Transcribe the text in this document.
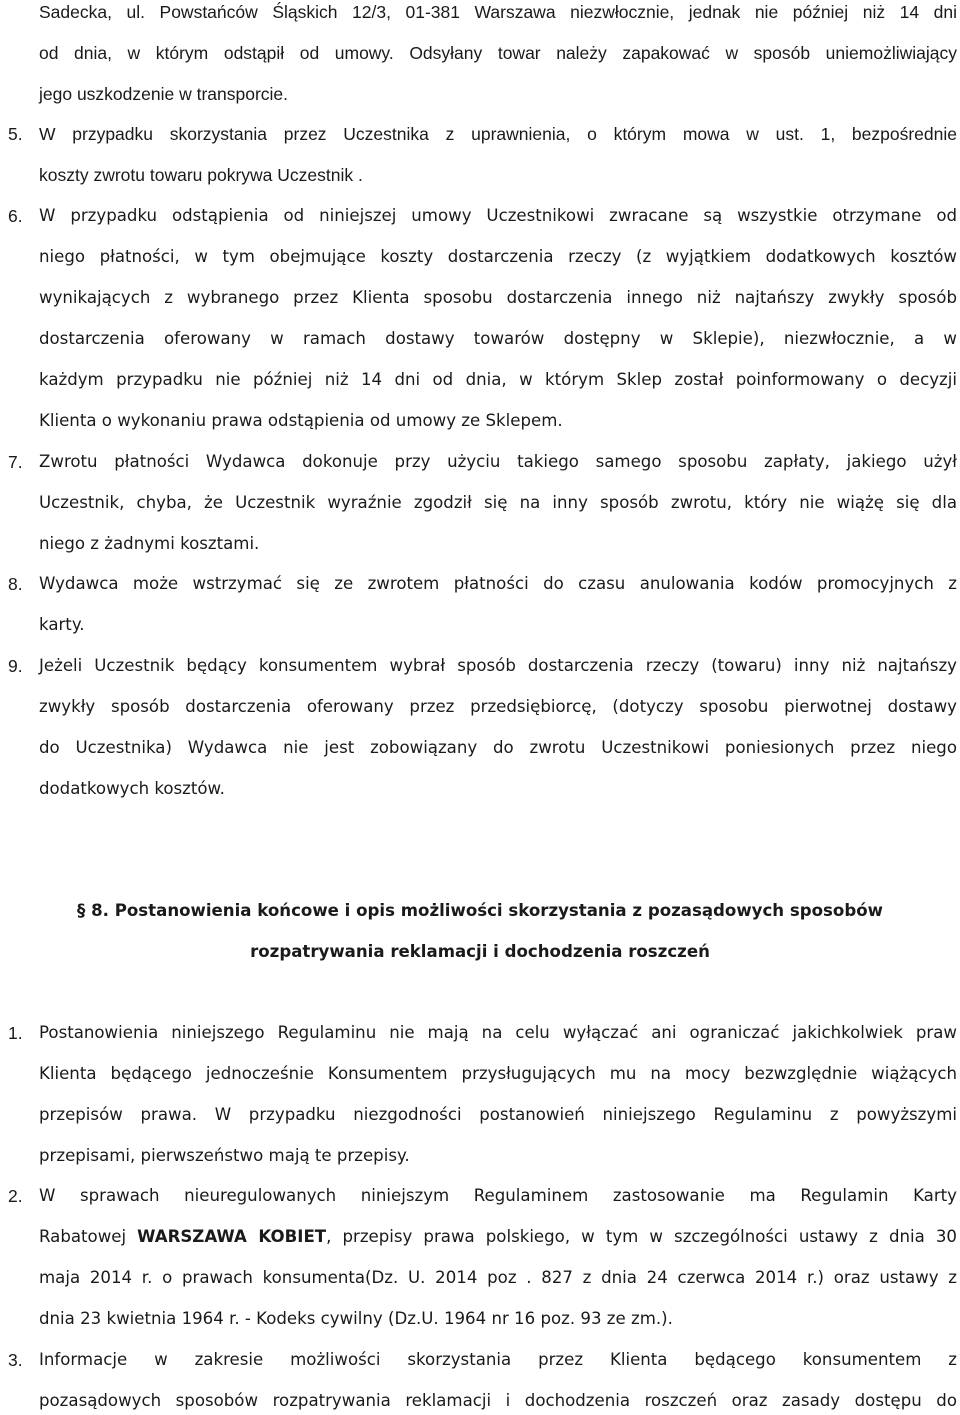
Sadecka, ul. Powstańców Śląskich 12/3, 01-381 Warszawa niezwłocznie, jednak nie później niż 14 dni

od dnia, w którym odstąpił od umowy. Odsyłany towar należy zapakować w sposób uniemożliwiający

jego uszkodzenie w transporcie.

5. W przypadku skorzystania przez Uczestnika z uprawnienia, o którym mowa w ust. 1, bezpośrednie

koszty zwrotu towaru pokrywa Uczestnik .

6. W przypadku odstąpienia od niniejszej umowy Uczestnikowi zwracane są wszystkie otrzymane od

niego płatności, w tym obejmujące koszty dostarczenia rzeczy (z wyjątkiem dodatkowych kosztów

wynikających z wybranego przez Klienta sposobu dostarczenia innego niż najtańszy zwykły sposób

dostarczenia oferowany w ramach dostawy towarów dostępny w Sklepie), niezwłocznie, a w

każdym przypadku nie później niż 14 dni od dnia, w którym Sklep został poinformowany o decyzji

Klienta o wykonaniu prawa odstąpienia od umowy ze Sklepem.

7. Zwrotu płatności Wydawca dokonuje przy użyciu takiego samego sposobu zapłaty, jakiego użył

Uczestnik, chyba, że Uczestnik wyraźnie zgodził się na inny sposób zwrotu, który nie wiążę się dla

niego z żadnymi kosztami.

8. Wydawca może wstrzymać się ze zwrotem płatności do czasu anulowania kodów promocyjnych z

karty.

9. Jeżeli Uczestnik będący konsumentem wybrał sposób dostarczenia rzeczy (towaru) inny niż najtańszy

zwykły sposób dostarczenia oferowany przez przedsiębiorcę, (dotyczy sposobu pierwotnej dostawy

do Uczestnika) Wydawca nie jest zobowiązany do zwrotu Uczestnikowi poniesionych przez niego

dodatkowych kosztów.

§ 8. Postanowienia końcowe i opis możliwości skorzystania z pozasądowych sposobów
rozpatrywania reklamacji i dochodzenia roszczeń
1. Postanowienia niniejszego Regulaminu nie mają na celu wyłączać ani ograniczać jakichkolwiek praw

Klienta będącego jednocześnie Konsumentem przysługujących mu na mocy bezwzględnie wiążących

przepisów prawa. W przypadku niezgodności postanowień niniejszego Regulaminu z powyższymi

przepisami, pierwszeństwo mają te przepisy.

2. W sprawach nieuregulowanych niniejszym Regulaminem zastosowanie ma Regulamin Karty

Rabatowej WARSZAWA KOBIET, przepisy prawa polskiego, w tym w szczególności ustawy z dnia 30

maja 2014 r. o prawach konsumenta(Dz. U. 2014 poz . 827 z dnia 24 czerwca 2014 r.) oraz ustawy z

dnia 23 kwietnia 1964 r. - Kodeks cywilny (Dz.U. 1964 nr 16 poz. 93 ze zm.).

3. Informacje w zakresie możliwości skorzystania przez Klienta będącego konsumentem z

pozasądowych sposobów rozpatrywania reklamacji i dochodzenia roszczeń oraz zasady dostępu do
